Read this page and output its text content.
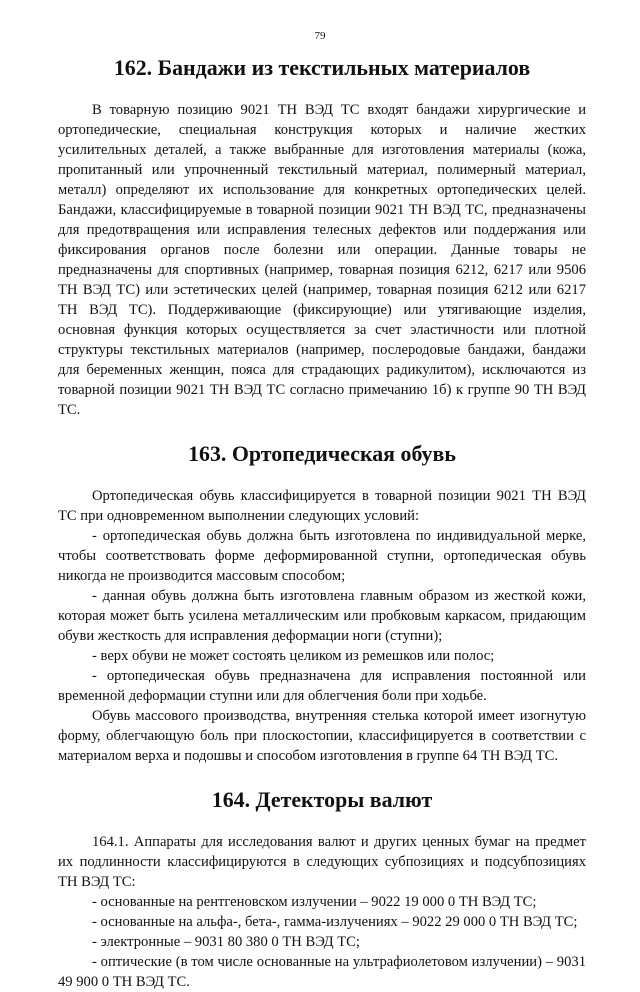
79
162. Бандажи из текстильных материалов

В товарную позицию 9021 ТН ВЭД ТС входят бандажи хирургические и ортопедические, специальная конструкция которых и наличие жестких усилительных деталей, а также выбранные для изготовления материалы (кожа, пропитанный или упрочненный текстильный материал, полимерный материал, металл) определяют их использование для конкретных ортопедических целей. Бандажи, классифицируемые в товарной позиции 9021 ТН ВЭД ТС, предназначены для предотвращения или исправления телесных дефектов или поддержания или фиксирования органов после болезни или операции. Данные товары не предназначены для спортивных (например, товарная позиция 6212, 6217 или 9506 ТН ВЭД ТС) или эстетических целей (например, товарная позиция 6212 или 6217 ТН ВЭД ТС). Поддерживающие (фиксирующие) или утягивающие изделия, основная функция которых осуществляется за счет эластичности или плотной структуры текстильных материалов (например, послеродовые бандажи, бандажи для беременных женщин, пояса для страдающих радикулитом), исключаются из товарной позиции 9021 ТН ВЭД ТС согласно примечанию 1б) к группе 90 ТН ВЭД ТС.

163. Ортопедическая обувь

Ортопедическая обувь классифицируется в товарной позиции 9021 ТН ВЭД ТС при одновременном выполнении следующих условий:

- ортопедическая обувь должна быть изготовлена по индивидуальной мерке, чтобы соответствовать форме деформированной ступни, ортопедическая обувь никогда не производится массовым способом;

- данная обувь должна быть изготовлена главным образом из жесткой кожи, которая может быть усилена металлическим или пробковым каркасом, придающим обуви жесткость для исправления деформации ноги (ступни);

- верх обуви не может состоять целиком из ремешков или полос;

- ортопедическая обувь предназначена для исправления постоянной или временной деформации ступни или для облегчения боли при ходьбе.

Обувь массового производства, внутренняя стелька которой имеет изогнутую форму, облегчающую боль при плоскостопии, классифицируется в соответствии с материалом верха и подошвы и способом изготовления в группе 64 ТН ВЭД ТС.

164. Детекторы валют

164.1. Аппараты для исследования валют и других ценных бумаг на предмет их подлинности классифицируются в следующих субпозициях и подсубпозициях ТН ВЭД ТС:

- основанные на рентгеновском излучении – 9022 19 000 0 ТН ВЭД ТС;

- основанные на альфа-, бета-, гамма-излучениях – 9022 29 000 0 ТН ВЭД ТС;

- электронные – 9031 80 380 0 ТН ВЭД ТС;

- оптические (в том числе основанные на ультрафиолетовом излучении) – 9031 49 900 0 ТН ВЭД ТС.
